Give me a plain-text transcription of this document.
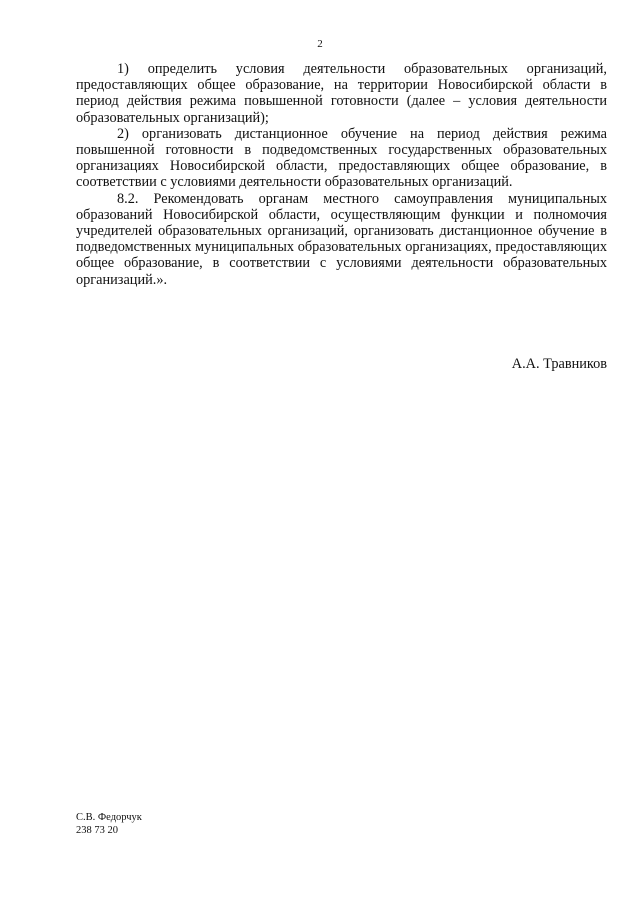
2

1) определить условия деятельности образовательных организаций, предоставляющих общее образование, на территории Новосибирской области в период действия режима повышенной готовности (далее – условия деятельности образовательных организаций);

2) организовать дистанционное обучение на период действия режима повышенной готовности в подведомственных государственных образовательных организациях Новосибирской области, предоставляющих общее образование, в соответствии с условиями деятельности образовательных организаций.

8.2. Рекомендовать органам местного самоуправления муниципальных образований Новосибирской области, осуществляющим функции и полномочия учредителей образовательных организаций, организовать дистанционное обучение в подведомственных муниципальных образовательных организациях, предоставляющих общее образование, в соответствии с условиями деятельности образовательных организаций.».

А.А. Травников
С.В. Федорчук
238 73 20
